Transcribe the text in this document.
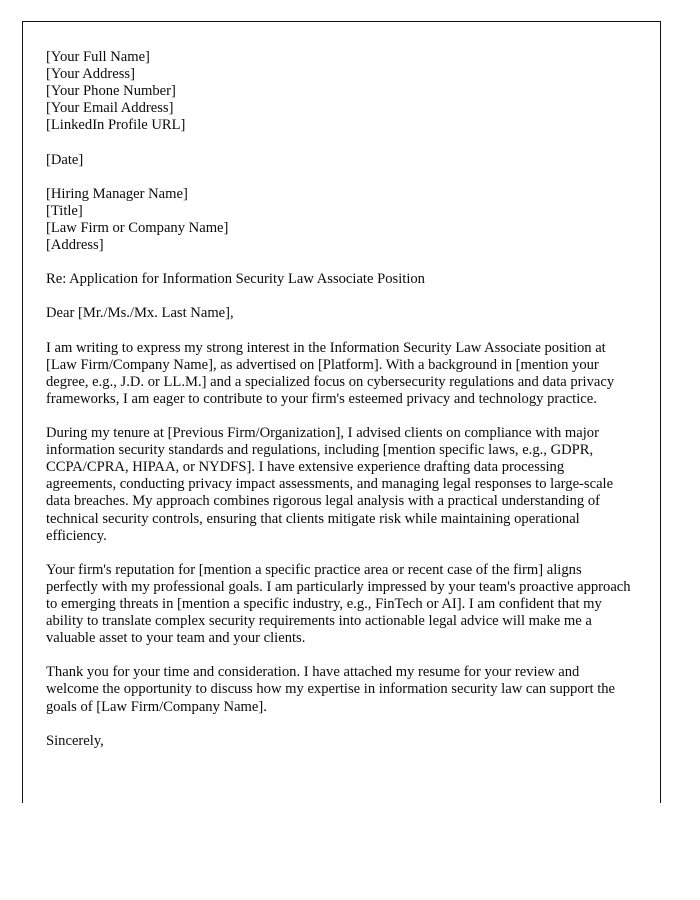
[Your Full Name]
[Your Address]
[Your Phone Number]
[Your Email Address]
[LinkedIn Profile URL]
[Date]
[Hiring Manager Name]
[Title]
[Law Firm or Company Name]
[Address]
Re: Application for Information Security Law Associate Position
Dear [Mr./Ms./Mx. Last Name],
I am writing to express my strong interest in the Information Security Law Associate position at [Law Firm/Company Name], as advertised on [Platform]. With a background in [mention your degree, e.g., J.D. or LL.M.] and a specialized focus on cybersecurity regulations and data privacy frameworks, I am eager to contribute to your firm's esteemed privacy and technology practice.
During my tenure at [Previous Firm/Organization], I advised clients on compliance with major information security standards and regulations, including [mention specific laws, e.g., GDPR, CCPA/CPRA, HIPAA, or NYDFS]. I have extensive experience drafting data processing agreements, conducting privacy impact assessments, and managing legal responses to large-scale data breaches. My approach combines rigorous legal analysis with a practical understanding of technical security controls, ensuring that clients mitigate risk while maintaining operational efficiency.
Your firm's reputation for [mention a specific practice area or recent case of the firm] aligns perfectly with my professional goals. I am particularly impressed by your team's proactive approach to emerging threats in [mention a specific industry, e.g., FinTech or AI]. I am confident that my ability to translate complex security requirements into actionable legal advice will make me a valuable asset to your team and your clients.
Thank you for your time and consideration. I have attached my resume for your review and welcome the opportunity to discuss how my expertise in information security law can support the goals of [Law Firm/Company Name].
Sincerely,
